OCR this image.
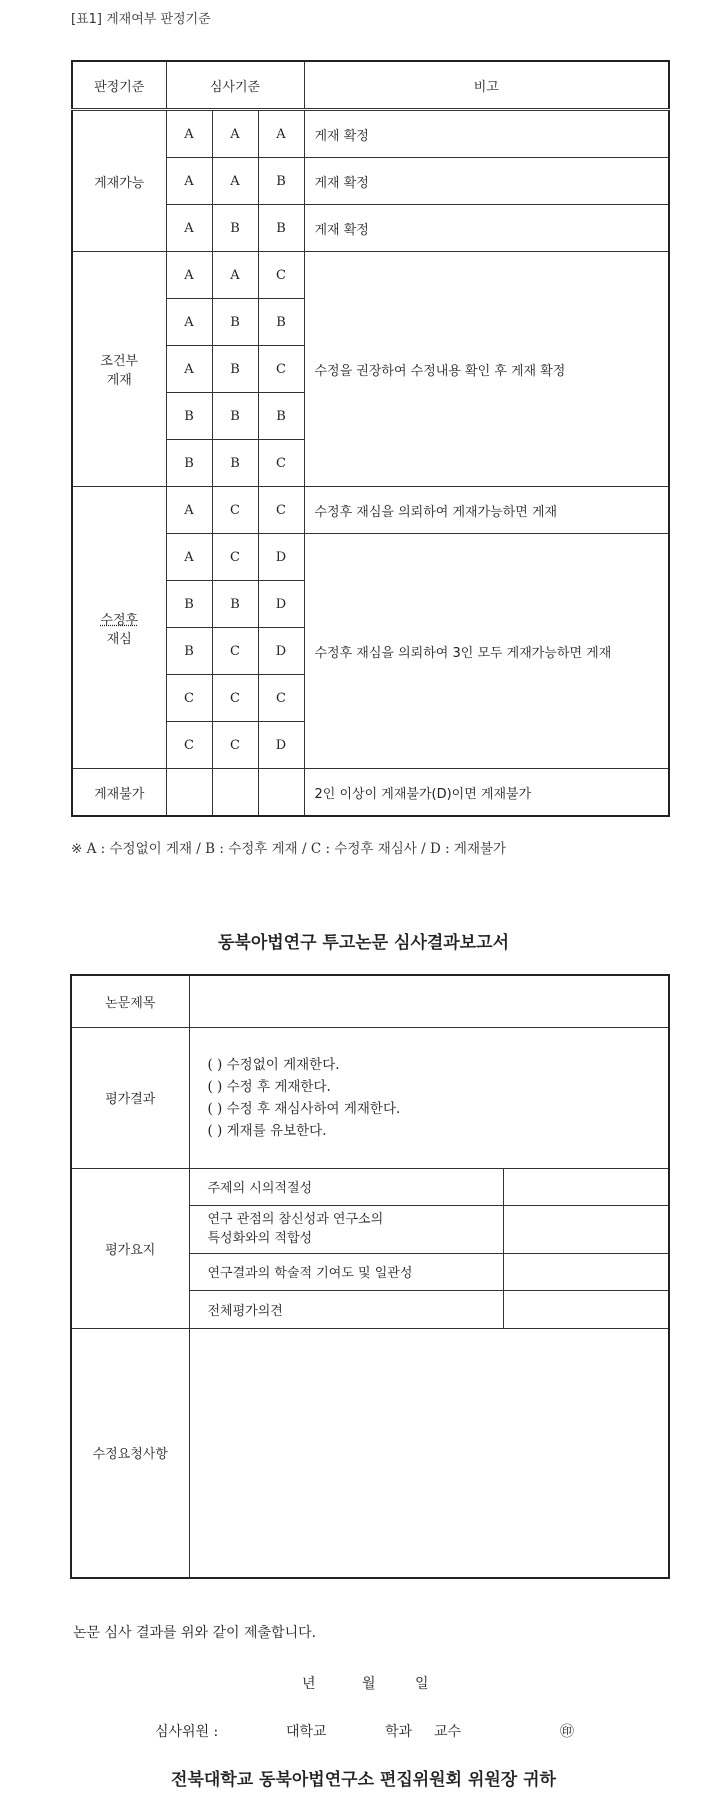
[표1] 게재여부 판정기준
판정기준	심사기준			비고
게재가능	A	A	A	게재 확정
	A	A	B	게재 확정
	A	B	B	게재 확정
조건부
게재	A	A	C	수정을 권장하여 수정내용 확인 후 게재 확정
	A	B	B	
	A	B	C	
	B	B	B	
	B	B	C	
수정후
재심	A	C	C	수정후 재심을 의뢰하여 게재가능하면 게재
	A	C	D	수정후 재심을 의뢰하여 3인 모두 게재가능하면 게재
	B	B	D	
	B	C	D	
	C	C	C	
	C	C	D	
게재불가				2인 이상이 게재불가(D)이면 게재불가
※ A : 수정없이 게재 / B : 수정후 게재 / C : 수정후 재심사 / D : 게재불가
동북아법연구 투고논문 심사결과보고서
논문제목		
평가결과	( ) 수정없이 게재한다.
( ) 수정 후 게재한다.
( ) 수정 후 재심사하여 게재한다.
( ) 게재를 유보한다.	

평가요지	주제의 시의적절성	
	연구 관점의 참신성과 연구소의
특성화와의 적합성	
	연구결과의 학술적 기여도 및 일관성	
	전체평가의견	
수정요청사항		
논문 심사 결과를 위와 같이 제출합니다.
년	월	일
심사위원 :	대학교	학과 교수	㊞
전북대학교 동북아법연구소 편집위원회 위원장 귀하
